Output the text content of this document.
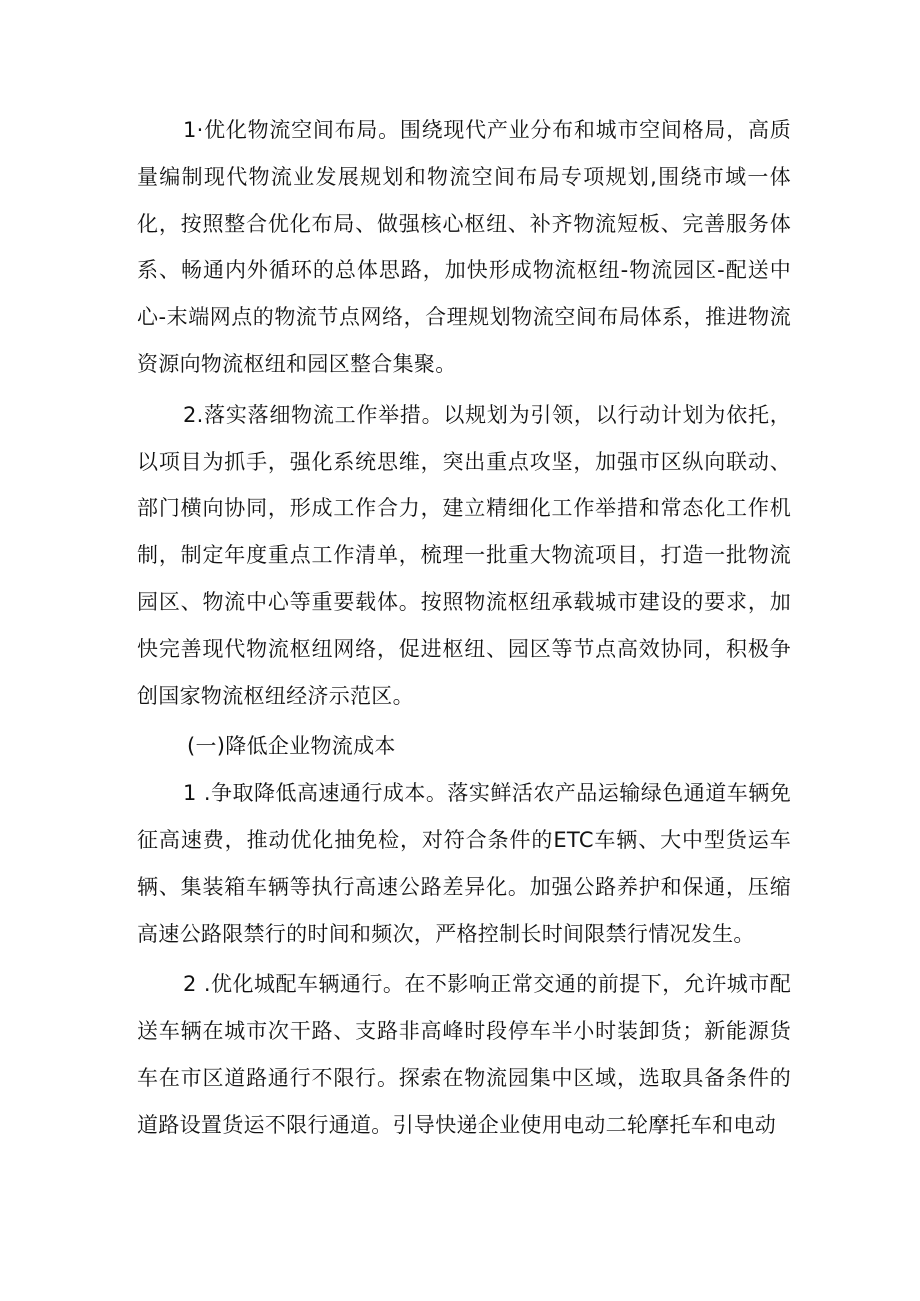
1·优化物流空间布局。围绕现代产业分布和城市空间格局，高质量编制现代物流业发展规划和物流空间布局专项规划,围绕市域一体化，按照整合优化布局、做强核心枢纽、补齐物流短板、完善服务体系、畅通内外循环的总体思路，加快形成物流枢纽-物流园区-配送中心-末端网点的物流节点网络，合理规划物流空间布局体系，推进物流资源向物流枢纽和园区整合集聚。

2.落实落细物流工作举措。以规划为引领，以行动计划为依托，以项目为抓手，强化系统思维，突出重点攻坚，加强市区纵向联动、部门横向协同，形成工作合力，建立精细化工作举措和常态化工作机制，制定年度重点工作清单，梳理一批重大物流项目，打造一批物流园区、物流中心等重要载体。按照物流枢纽承载城市建设的要求，加快完善现代物流枢纽网络，促进枢纽、园区等节点高效协同，积极争创国家物流枢纽经济示范区。

(一)降低企业物流成本

1 .争取降低高速通行成本。落实鲜活农产品运输绿色通道车辆免征高速费，推动优化抽免检，对符合条件的ETC车辆、大中型货运车辆、集装箱车辆等执行高速公路差异化。加强公路养护和保通，压缩高速公路限禁行的时间和频次，严格控制长时间限禁行情况发生。

2 .优化城配车辆通行。在不影响正常交通的前提下，允许城市配送车辆在城市次干路、支路非高峰时段停车半小时装卸货；新能源货车在市区道路通行不限行。探索在物流园集中区域，选取具备条件的道路设置货运不限行通道。引导快递企业使用电动二轮摩托车和电动
